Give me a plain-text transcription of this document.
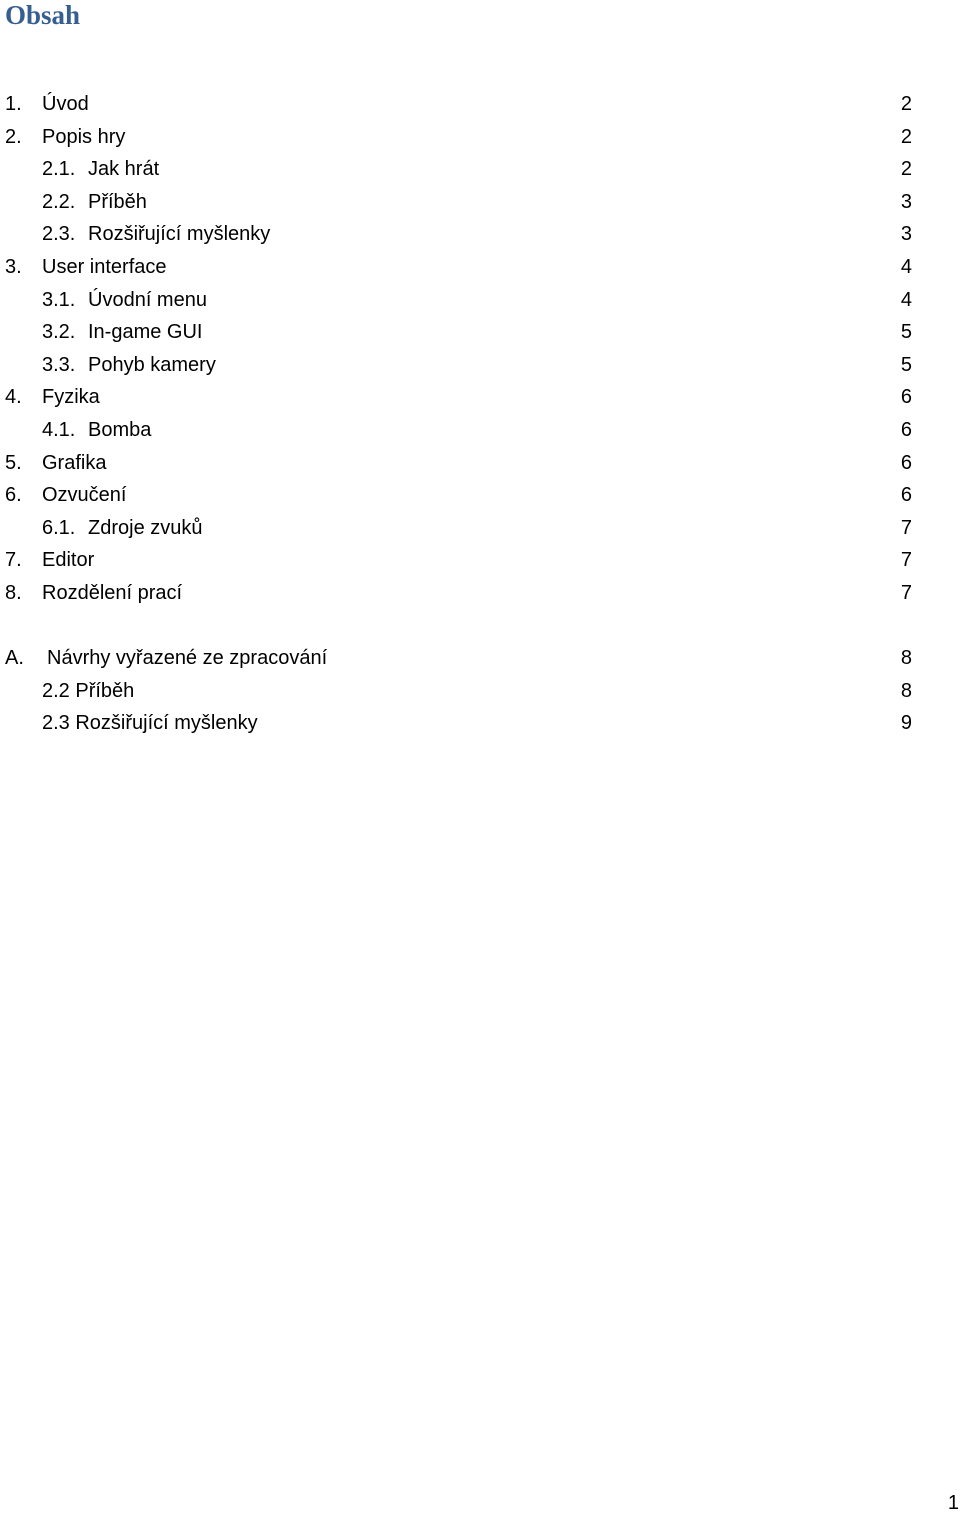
Obsah
1. Úvod	2
2. Popis hry	2
2.1. Jak hrát	2
2.2. Příběh	3
2.3. Rozšiřující myšlenky	3
3. User interface	4
3.1. Úvodní menu	4
3.2. In-game GUI	5
3.3. Pohyb kamery	5
4. Fyzika	6
4.1. Bomba	6
5. Grafika	6
6. Ozvučení	6
6.1. Zdroje zvuků	7
7. Editor	7
8. Rozdělení prací	7
A. Návrhy vyřazené ze zpracování	8
2.2 Příběh	8
2.3 Rozšiřující myšlenky	9
1
